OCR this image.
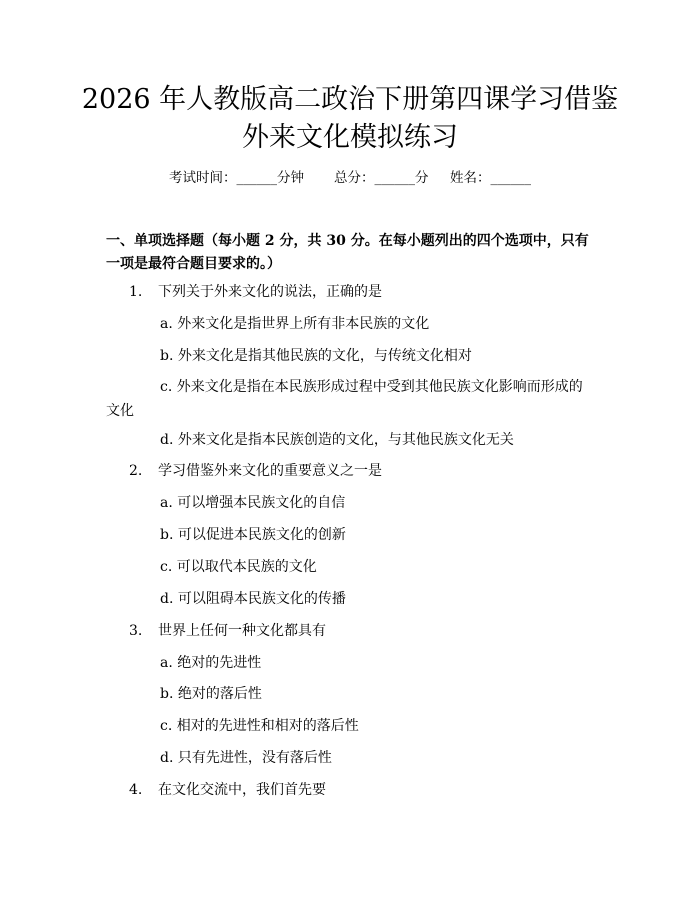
2026 年人教版高二政治下册第四课学习借鉴
外来文化模拟练习
考试时间：______分钟 总分：______分 姓名：______
一、单项选择题（每小题 2 分，共 30 分。在每小题列出的四个选项中，只有一项是最符合题目要求的。）
1. 下列关于外来文化的说法，正确的是
a. 外来文化是指世界上所有非本民族的文化
b. 外来文化是指其他民族的文化，与传统文化相对
c. 外来文化是指在本民族形成过程中受到其他民族文化影响而形成的文化
d. 外来文化是指本民族创造的文化，与其他民族文化无关
2. 学习借鉴外来文化的重要意义之一是
a. 可以增强本民族文化的自信
b. 可以促进本民族文化的创新
c. 可以取代本民族的文化
d. 可以阻碍本民族文化的传播
3. 世界上任何一种文化都具有
a. 绝对的先进性
b. 绝对的落后性
c. 相对的先进性和相对的落后性
d. 只有先进性，没有落后性
4. 在文化交流中，我们首先要
